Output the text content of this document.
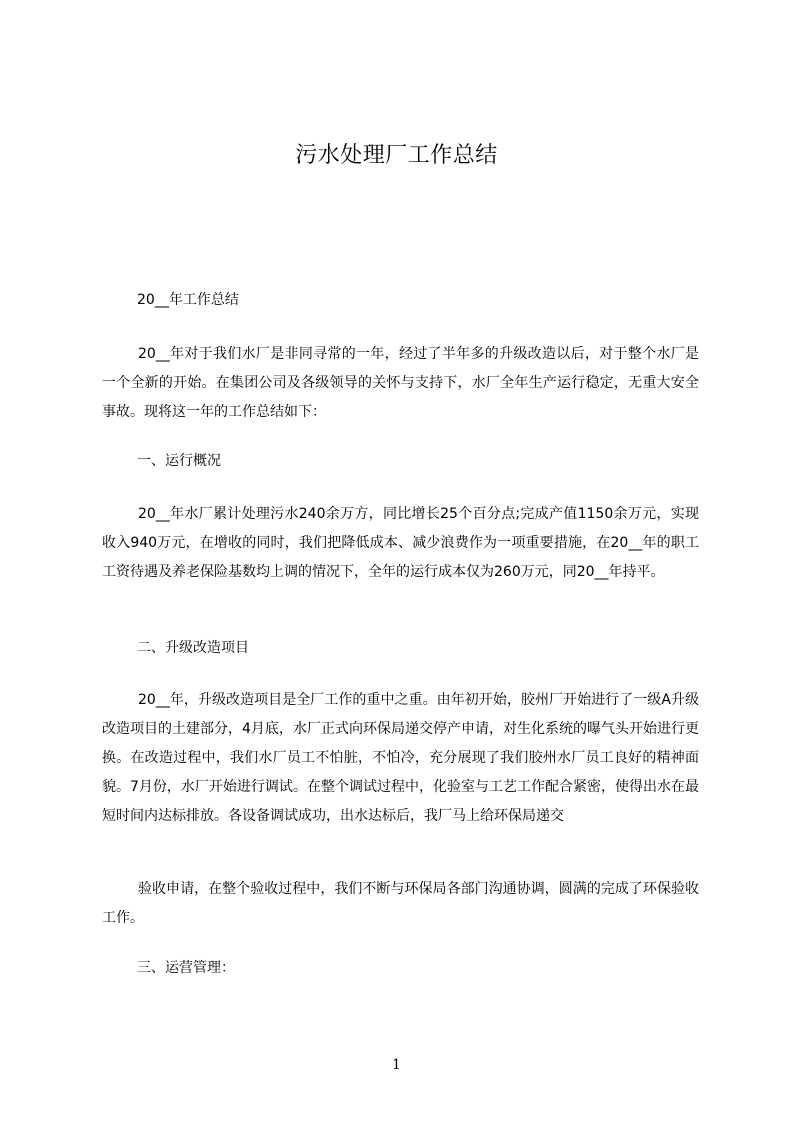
污水处理厂工作总结
20__年工作总结
20__年对于我们水厂是非同寻常的一年，经过了半年多的升级改造以后，对于整个水厂是一个全新的开始。在集团公司及各级领导的关怀与支持下，水厂全年生产运行稳定，无重大安全事故。现将这一年的工作总结如下：
一、运行概况
20__年水厂累计处理污水240余万方，同比增长25个百分点;完成产值1150余万元，实现收入940万元，在增收的同时，我们把降低成本、减少浪费作为一项重要措施，在20__年的职工工资待遇及养老保险基数均上调的情况下，全年的运行成本仅为260万元，同20__年持平。
二、升级改造项目
20__年，升级改造项目是全厂工作的重中之重。由年初开始，胶州厂开始进行了一级A升级改造项目的土建部分，4月底，水厂正式向环保局递交停产申请，对生化系统的曝气头开始进行更换。在改造过程中，我们水厂员工不怕脏，不怕冷，充分展现了我们胶州水厂员工良好的精神面貌。7月份，水厂开始进行调试。在整个调试过程中，化验室与工艺工作配合紧密，使得出水在最短时间内达标排放。各设备调试成功，出水达标后，我厂马上给环保局递交
验收申请，在整个验收过程中，我们不断与环保局各部门沟通协调，圆满的完成了环保验收工作。
三、运营管理：
1
